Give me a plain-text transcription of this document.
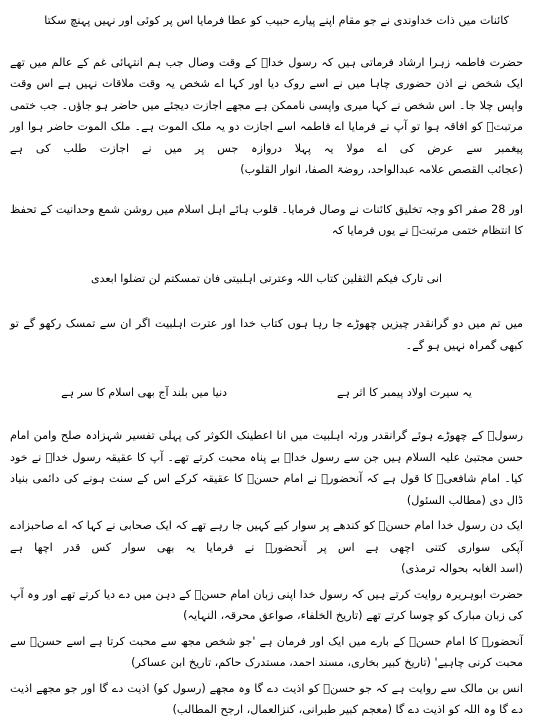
کائنات میں ذات خداوندی نے جو مقام اپنے پیارے حبیب کو عطا فرمایا اس پر کوئی اور نہیں پہنچ سکتا

حضرت فاطمہ زہرا ارشاد فرماتی ہیں کہ رسول خداؐ کے وقت وصال جب ہم انتہائی غم کے عالم میں تھے ایک شخص نے اذن حضوری چاہا میں نے اسے روک دیا اور کہا اے شخص یہ وقت ملاقات نہیں ہے اس وقت واپس چلا جا۔ اس شخص نے کہا میری واپسی ناممکن ہے مجھے اجازت دیجئے میں حاضر ہو جاؤں۔ جب ختمی مرتبتؐ کو افاقہ ہوا تو آپ نے فرمایا اے فاطمہ اسے اجازت دو یہ ملک الموت ہے۔ ملک الموت حاضر ہوا اور پیغمبر سے عرض کی اے مولا یہ پہلا دروازہ جس پر میں نے اجازت طلب کی ہے (عجائب القصص علامہ عبدالواحد، روضۃ الصفا، انوار القلوب)

اور 28 صفر اکو وجہ تخلیق کائنات نے وصال فرمایا۔ قلوب ہائے اہل اسلام میں روشن شمع وحدانیت کے تحفظ کا انتظام ختمی مرتبتؐ نے یوں فرمایا کہ

انی تارک فیکم الثقلین کتاب اللہ وعترتی اہلبیتی فان تمسکتم لن تضلوا ابعدی

میں تم میں دو گرانقدر چیزیں چھوڑے جا رہا ہوں کتاب خدا اور عترت اہلبیت اگر ان سے تمسک رکھو گے تو کبھی گمراہ نہیں ہو گے۔

یہ سیرت اولاد پیمبر کا اثر ہے
دنیا میں بلند آج بھی اسلام کا سر ہے

رسولؐ کے چھوڑے ہوئے گرانقدر ورثہ اہلبیت میں انا اعطینک الکوثر کی پہلی تفسیر شہزادہ صلح وامن امام حسن مجتبیٰ علیہ السلام ہیں جن سے رسول خداؐ بے پناہ محبت کرتے تھے۔ آپ کا عقیقہ رسول خداؐ نے خود کیا۔ امام شافعیؒ کا قول ہے کہ آنحضورؐ نے امام حسنؑ کا عقیقہ کرکے اس کے سنت ہونے کی دائمی بنیاد ڈال دی (مطالب السئول)

ایک دن رسول خدا امام حسنؑ کو کندھے پر سوار کیے کہیں جا رہے تھے کہ ایک صحابی نے کہا کہ اے صاحبزادے آپکی سواری کتنی اچھی ہے اس پر آنحضورؐ نے فرمایا یہ بھی سوار کس قدر اچھا ہے (اسد الغابہ بحوالہ ترمذی)

حضرت ابوہریرہ روایت کرتے ہیں کہ رسول خدا اپنی زبان امام حسنؑ کے دہن میں دے دیا کرتے تھے اور وہ آپ کی زبان مبارک کو چوسا کرتے تھے (تاریخ الخلفاء، صواعق محرقہ، النہایہ)

آنحضورؐ کا امام حسنؑ کے بارے میں ایک اور فرمان ہے 'جو شخص مجھ سے محبت کرتا ہے اسے حسنؑ سے محبت کرنی چاہیے' (تاریخ کبیر بخاری، مسند احمد، مستدرک حاکم، تاریخ ابن عساکر)

انس بن مالک سے روایت ہے کہ جو حسنؑ کو اذیت دے گا وہ مجھے (رسول کو) اذیت دے گا اور جو مجھے اذیت دے گا وہ اللہ کو اذیت دے گا (معجم کبیر طبرانی، کنزالعمال، ارجح المطالب)
